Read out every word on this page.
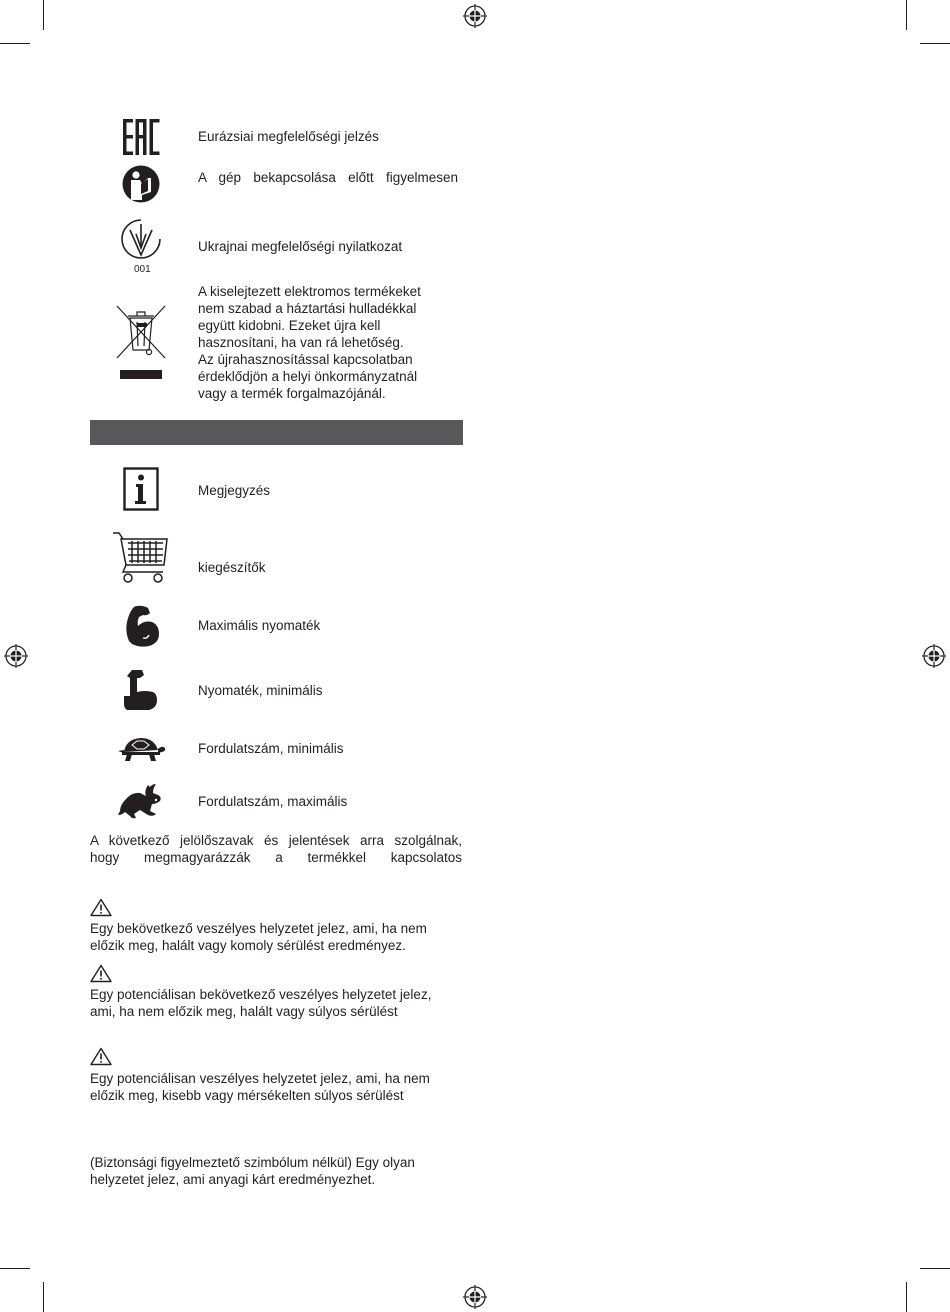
Eurázsiai megfelelőségi jelzés
A gép bekapcsolása előtt figyelmesen
001
Ukrajnai megfelelőségi nyilatkozat
A kiselejtezett elektromos termékeket
nem szabad a háztartási hulladékkal
együtt kidobni. Ezeket újra kell
hasznosítani, ha van rá lehetőség.
Az újrahasznosítással kapcsolatban
érdeklődjön a helyi önkormányzatnál
vagy a termék forgalmazójánál.
Megjegyzés
kiegészítők
Maximális nyomaték
Nyomaték, minimális
Fordulatszám, minimális
Fordulatszám, maximális
A következő jelölőszavak és jelentések arra szolgálnak,
hogy megmagyarázzák a termékkel kapcsolatos
Egy bekövetkező veszélyes helyzetet jelez, ami, ha nem
előzik meg, halált vagy komoly sérülést eredményez.
Egy potenciálisan bekövetkező veszélyes helyzetet jelez,
ami, ha nem előzik meg, halált vagy súlyos sérülést
Egy potenciálisan veszélyes helyzetet jelez, ami, ha nem
előzik meg, kisebb vagy mérsékelten súlyos sérülést
(Biztonsági figyelmeztető szimbólum nélkül) Egy olyan
helyzetet jelez, ami anyagi kárt eredményezhet.
